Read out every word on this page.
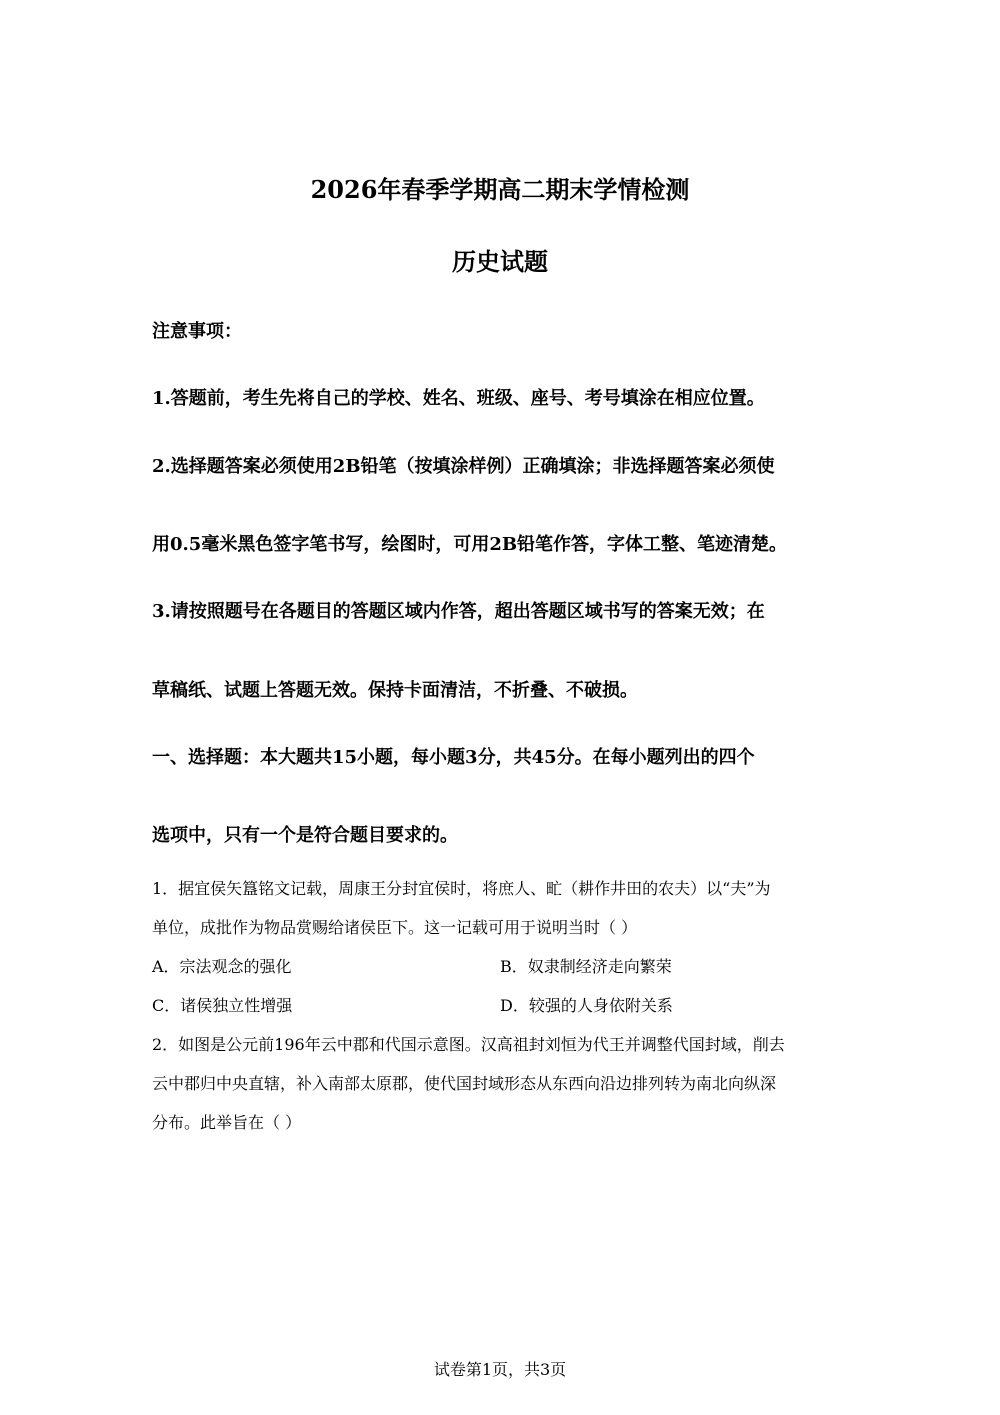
2026年春季学期高二期末学情检测
历史试题
注意事项：
1.答题前，考生先将自己的学校、姓名、班级、座号、考号填涂在相应位置。
2.选择题答案必须使用2B铅笔（按填涂样例）正确填涂；非选择题答案必须使
用0.5毫米黑色签字笔书写，绘图时，可用2B铅笔作答，字体工整、笔迹清楚。
3.请按照题号在各题目的答题区域内作答，超出答题区域书写的答案无效；在
草稿纸、试题上答题无效。保持卡面清洁，不折叠、不破损。
一、选择题：本大题共15小题，每小题3分，共45分。在每小题列出的四个
选项中，只有一个是符合题目要求的。
1．据宜侯矢簋铭文记载，周康王分封宜侯时，将庶人、甿（耕作井田的农夫）以“夫”为
单位，成批作为物品赏赐给诸侯臣下。这一记载可用于说明当时（ ）
A．宗法观念的强化	B．奴隶制经济走向繁荣
C．诸侯独立性增强	D．较强的人身依附关系
2．如图是公元前196年云中郡和代国示意图。汉高祖封刘恒为代王并调整代国封域，削去
云中郡归中央直辖，补入南部太原郡，使代国封域形态从东西向沿边排列转为南北向纵深
分布。此举旨在（ ）
试卷第1页，共3页
